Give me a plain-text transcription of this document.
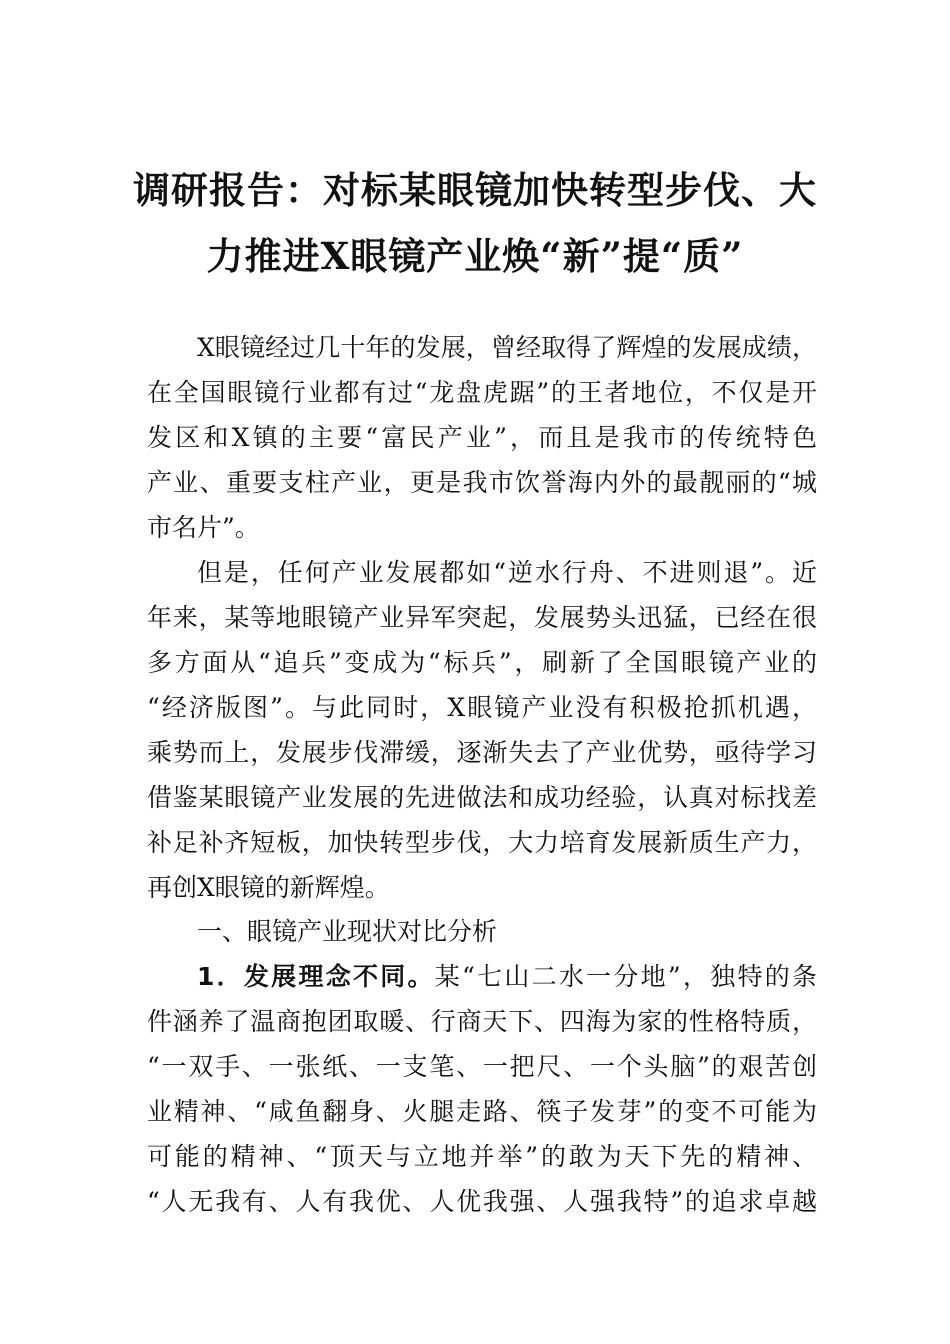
调研报告：对标某眼镜加快转型步伐、大
力推进X眼镜产业焕“新”提“质”
X眼镜经过几十年的发展，曾经取得了辉煌的发展成绩，
在全国眼镜行业都有过“龙盘虎踞”的王者地位，不仅是开
发区和X镇的主要“富民产业”，而且是我市的传统特色
产业、重要支柱产业，更是我市饮誉海内外的最靓丽的“城
市名片”。
但是，任何产业发展都如“逆水行舟、不进则退”。近
年来，某等地眼镜产业异军突起，发展势头迅猛，已经在很
多方面从“追兵”变成为“标兵”，刷新了全国眼镜产业的
“经济版图”。与此同时，X眼镜产业没有积极抢抓机遇，
乘势而上，发展步伐滞缓，逐渐失去了产业优势，亟待学习
借鉴某眼镜产业发展的先进做法和成功经验，认真对标找差
补足补齐短板，加快转型步伐，大力培育发展新质生产力，
再创X眼镜的新辉煌。
一、眼镜产业现状对比分析
1．发展理念不同。某“七山二水一分地”，独特的条
件涵养了温商抱团取暖、行商天下、四海为家的性格特质，
“一双手、一张纸、一支笔、一把尺、一个头脑”的艰苦创
业精神、“咸鱼翻身、火腿走路、筷子发芽”的变不可能为
可能的精神、“顶天与立地并举”的敢为天下先的精神、
“人无我有、人有我优、人优我强、人强我特”的追求卓越
